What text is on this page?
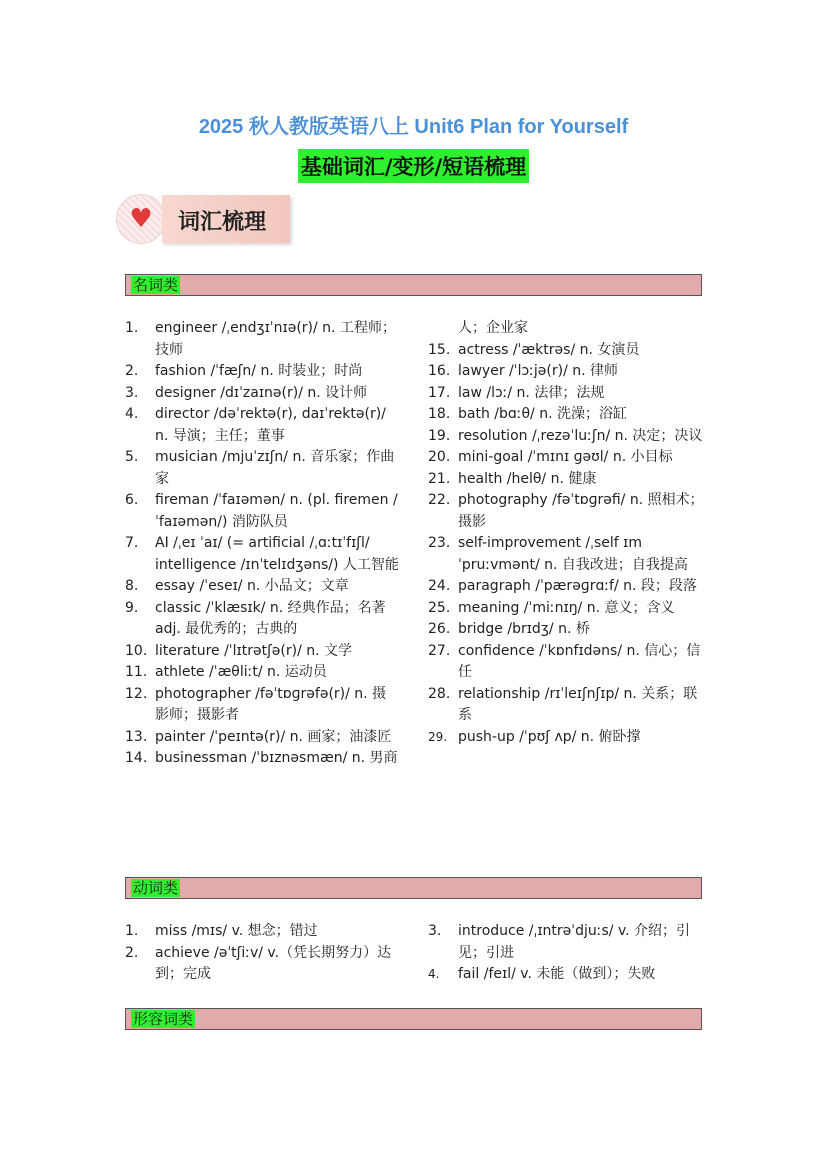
2025 秋人教版英语八上 Unit6 Plan for Yourself
基础词汇/变形/短语梳理
♥	词汇梳理
名词类
1. engineer /ˌendʒɪˈnɪə(r)/ n. 工程师；技师
2. fashion /ˈfæʃn/ n. 时装业；时尚
3. designer /dɪˈzaɪnə(r)/ n. 设计师
4. director /dəˈrektə(r), daɪˈrektə(r)/ n. 导演；主任；董事
5. musician /mjuˈzɪʃn/ n. 音乐家；作曲家
6. fireman /ˈfaɪəmən/ n. (pl. firemen /ˈfaɪəmən/) 消防队员
7. AI /ˌeɪ ˈaɪ/ (= artificial /ˌɑːtɪˈfɪʃl/ intelligence /ɪnˈtelɪdʒəns/) 人工智能
8. essay /ˈeseɪ/ n. 小品文；文章
9. classic /ˈklæsɪk/ n. 经典作品；名著 adj. 最优秀的；古典的
10. literature /ˈlɪtrətʃə(r)/ n. 文学
11. athlete /ˈæθliːt/ n. 运动员
12. photographer /fəˈtɒɡrəfə(r)/ n. 摄影师；摄影者
13. painter /ˈpeɪntə(r)/ n. 画家；油漆匠
14. businessman /ˈbɪznəsmæn/ n. 男商
人；企业家
15. actress /ˈæktrəs/ n. 女演员
16. lawyer /ˈlɔːjə(r)/ n. 律师
17. law /lɔː/ n. 法律；法规
18. bath /bɑːθ/ n. 洗澡；浴缸
19. resolution /ˌrezəˈluːʃn/ n. 决定；决议
20. mini-goal /ˈmɪnɪ ɡəʊl/ n. 小目标
21. health /helθ/ n. 健康
22. photography /fəˈtɒɡrəfi/ n. 照相术；摄影
23. self-improvement /ˌself ɪmˈpruːvmənt/ n. 自我改进；自我提高
24. paragraph /ˈpærəɡrɑːf/ n. 段；段落
25. meaning /ˈmiːnɪŋ/ n. 意义；含义
26. bridge /brɪdʒ/ n. 桥
27. confidence /ˈkɒnfɪdəns/ n. 信心；信任
28. relationship /rɪˈleɪʃnʃɪp/ n. 关系；联系
29. push-up /ˈpʊʃ ʌp/ n. 俯卧撑
动词类
1. miss /mɪs/ v. 想念；错过
2. achieve /əˈtʃiːv/ v.（凭长期努力）达到；完成
3. introduce /ˌɪntrəˈdjuːs/ v. 介绍；引见；引进
4. fail /feɪl/ v. 未能（做到）；失败
形容词类
